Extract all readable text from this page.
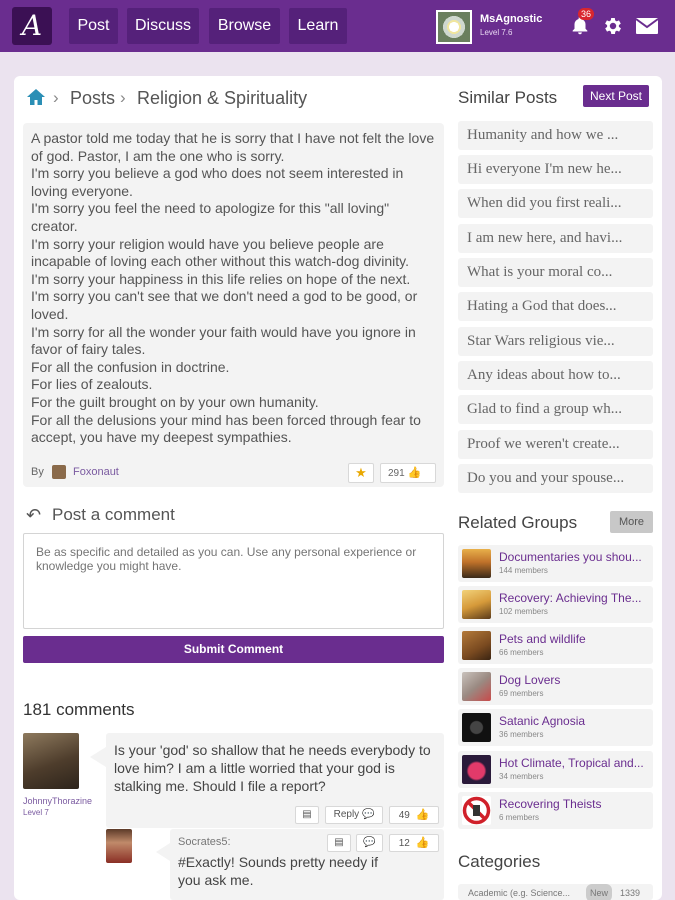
A	Post	Discuss	Browse	Learn	MsAgnostic
Level 7.6
36
› Posts › Religion & Spirituality
A pastor told me today that he is sorry that I have not felt the love of god. Pastor, I am the one who is sorry.
I'm sorry you believe a god who does not seem interested in loving everyone.
I'm sorry you feel the need to apologize for this "all loving" creator.
I'm sorry your religion would have you believe people are incapable of loving each other without this watch-dog divinity.
I'm sorry your happiness in this life relies on hope of the next.
I'm sorry you can't see that we don't need a god to be good, or loved.
I'm sorry for all the wonder your faith would have you ignore in favor of fairy tales.
For all the confusion in doctrine.
For lies of zealouts.
For the guilt brought on by your own humanity.
For all the delusions your mind has been forced through fear to accept, you have my deepest sympathies.
By	Foxonaut	★	291 👍
↶ Post a comment
Be as specific and detailed as you can. Use any personal experience or knowledge you might have.
Submit Comment
181 comments
JohnnyThorazine
Level 7
Is your 'god' so shallow that he needs everybody to love him? I am a little worried that your god is stalking me. Should I file a report?
▤	Reply 💬	49 👍
Socrates5:
#Exactly! Sounds pretty needy if you ask me.
▤	💬	12 👍
Similar Posts	Next Post
Humanity and how we ...
Hi everyone I'm new he...
When did you first reali...
I am new here, and havi...
What is your moral co...
Hating a God that does...
Star Wars religious vie...
Any ideas about how to...
Glad to find a group wh...
Proof we weren't create...
Do you and your spouse...
Related Groups	More
Documentaries you shou...
144 members
Recovery: Achieving The...
102 members
Pets and wildlife
66 members
Dog Lovers
69 members
Satanic Agnosia
36 members
Hot Climate, Tropical and...
34 members
Recovering Theists
6 members
Categories
Academic (e.g. Science...	New	1339
